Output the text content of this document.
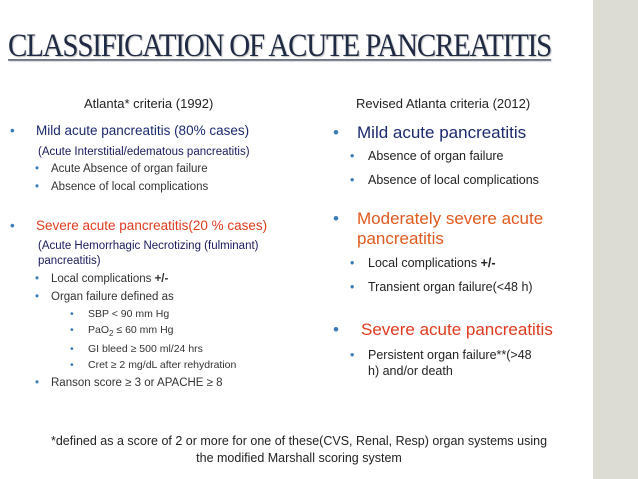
CLASSIFICATION OF ACUTE PANCREATITIS
Atlanta* criteria (1992)	Revised Atlanta criteria (2012)
• Mild acute pancreatitis (80% cases)
(Acute Interstitial/edematous pancreatitis)
• Acute Absence of organ failure
• Absence of local complications
• Severe acute pancreatitis(20 % cases)
(Acute Hemorrhagic Necrotizing (fulminant)
pancreatitis)
• Local complications +/-
• Organ failure defined as
• SBP < 90 mm Hg
• PaO$_2$ ≤ 60 mm Hg
• GI bleed ≥ 500 ml/24 hrs
• Cret ≥ 2 mg/dL after rehydration
• Ranson score ≥ 3 or APACHE ≥ 8
• Mild acute pancreatitis
• Absence of organ failure
• Absence of local complications
• Moderately severe acute
pancreatitis
• Local complications +/-
• Transient organ failure(<48 h)
• Severe acute pancreatitis
• Persistent organ failure**(>48
h) and/or death
*defined as a score of 2 or more for one of these(CVS, Renal, Resp) organ systems using
the modified Marshall scoring system
